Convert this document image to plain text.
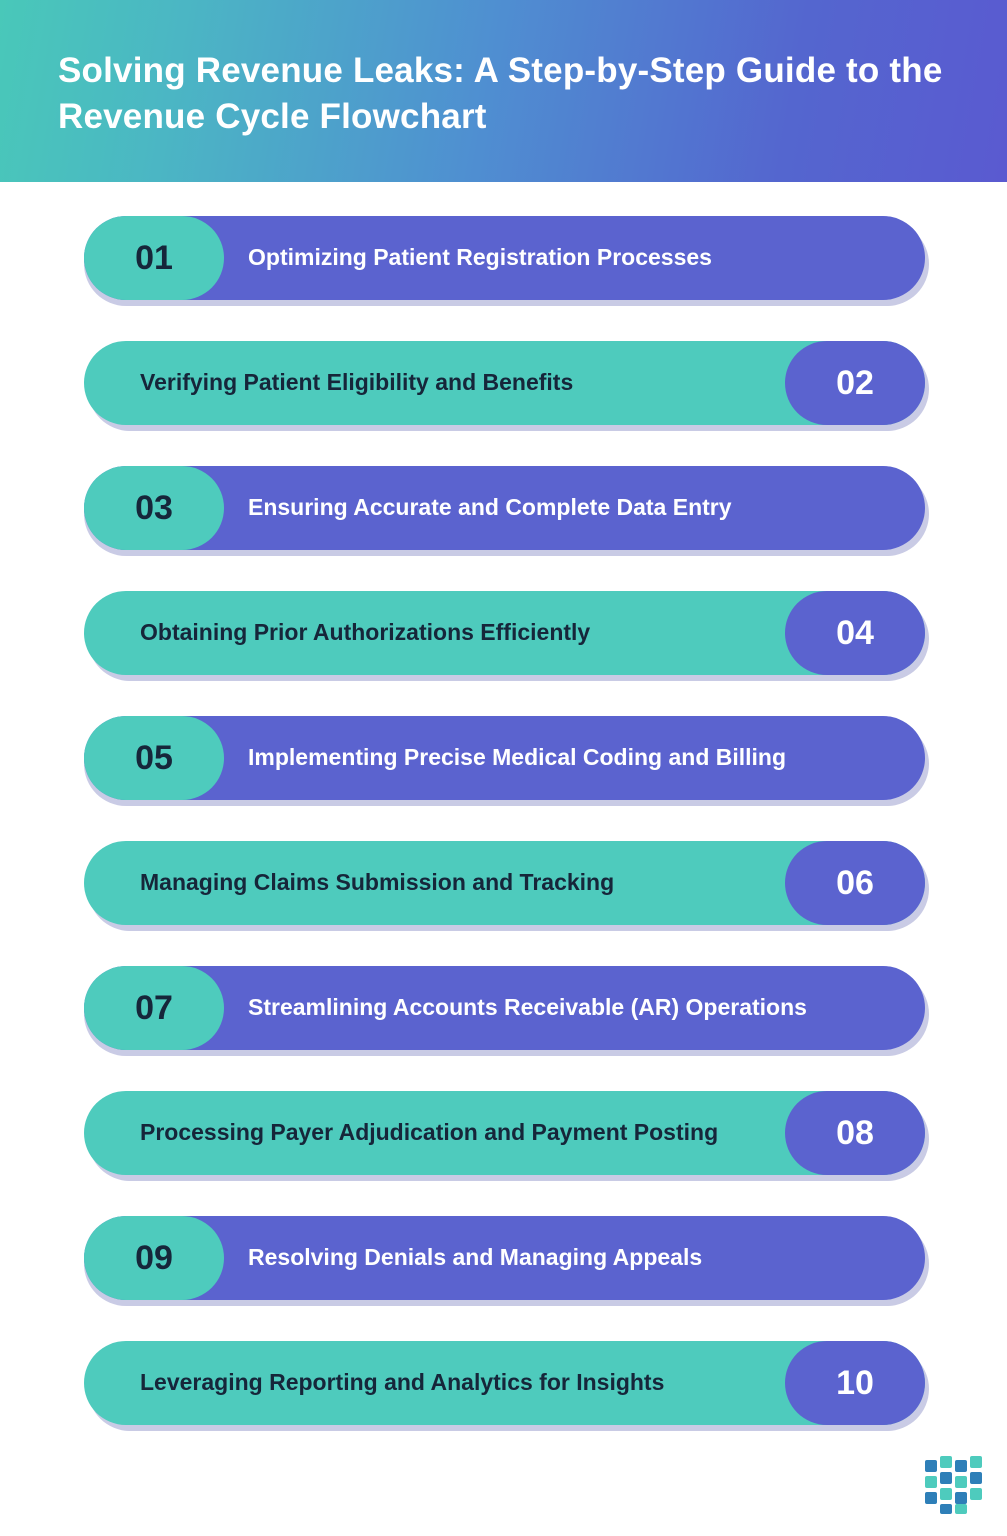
Solving Revenue Leaks: A Step-by-Step Guide to the Revenue Cycle Flowchart
01	Optimizing Patient Registration Processes
02
Verifying Patient Eligibility and Benefits
03	Ensuring Accurate and Complete Data Entry
04
Obtaining Prior Authorizations Efficiently
05	Implementing Precise Medical Coding and Billing
06
Managing Claims Submission and Tracking
07	Streamlining Accounts Receivable (AR) Operations
08
Processing Payer Adjudication and Payment Posting
09	Resolving Denials and Managing Appeals
10
Leveraging Reporting and Analytics for Insights
